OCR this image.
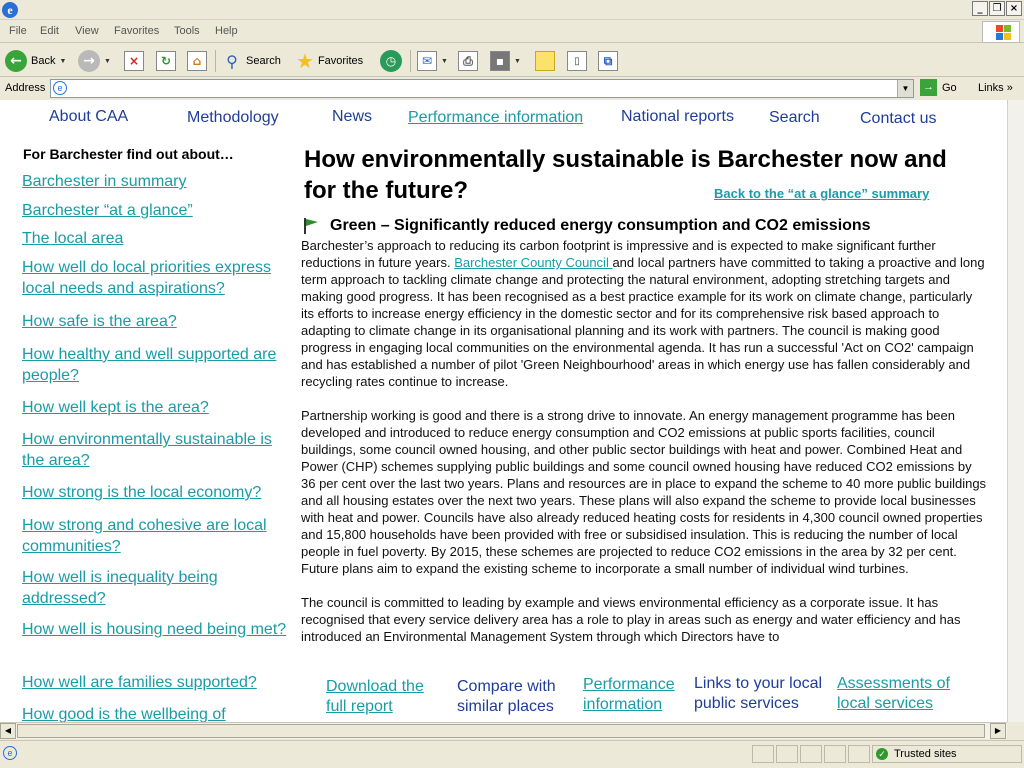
e	_	❐ ×
File Edit View Favorites Tools Help
← Back ▼	→	▼	×	↻	⌂	⚲ Search ★ Favorites	◷	✉	▼	⎙	▪	▼	▯	⧉
Address	e	▼	→ Go Links »
About CAA	Methodology	News Performance information National reports Search	Contact us
For Barchester find out about…
Barchester in summary
Barchester “at a glance”
The local area
How well do local priorities express local needs and aspirations?
How safe is the area?
How healthy and well supported are people?
How well kept is the area?
How environmentally sustainable is the area?
How strong is the local economy?
How strong and cohesive are local communities?
How well is inequality being addressed?
How well is housing need being met?
How well are families supported?
How good is the wellbeing of
How environmentally sustainable is Barchester now and for the future?	Back to the “at a glance” summary
Green – Significantly reduced energy consumption and CO2 emissions

Barchester’s approach to reducing its carbon footprint is impressive and is expected to make significant further reductions in future years. Barchester County Council and local partners have committed to taking a proactive and long term approach to tackling climate change and protecting the natural environment, adopting stretching targets and making good progress. It has been recognised as a best practice example for its work on climate change, particularly its efforts to increase energy efficiency in the domestic sector and for its comprehensive risk based approach to adapting to climate change in its organisational planning and its work with partners. The council is making good progress in engaging local communities on the environmental agenda. It has run a successful 'Act on CO2' campaign and has established a number of pilot 'Green Neighbourhood' areas in which energy use has fallen considerably and recycling rates continue to increase.

Partnership working is good and there is a strong drive to innovate. An energy management programme has been developed and introduced to reduce energy consumption and CO2 emissions at public sports facilities, council buildings, some council owned housing, and other public sector buildings with heat and power. Combined Heat and Power (CHP) schemes supplying public buildings and some council owned housing have reduced CO2 emissions by 36 per cent over the last two years. Plans and resources are in place to expand the scheme to 40 more public buildings and all housing estates over the next two years. These plans will also expand the scheme to provide local businesses with heat and power. Councils have also already reduced heating costs for residents in 4,300 council owned properties and 15,800 households have been provided with free or subsidised insulation. This is reducing the number of local people in fuel poverty. By 2015, these schemes are projected to reduce CO2 emissions in the area by 32 per cent. Future plans aim to expand the existing scheme to incorporate a small number of individual wind turbines.

The council is committed to leading by example and views environmental efficiency as a corporate issue. It has recognised that every service delivery area has a role to play in areas such as energy and water efficiency and has introduced an Environmental Management System through which Directors have to

Download the full report
Compare with similar places
Performance information
Links to your local public services
Assessments of local services
◀	▶
e	✓ Trusted sites
